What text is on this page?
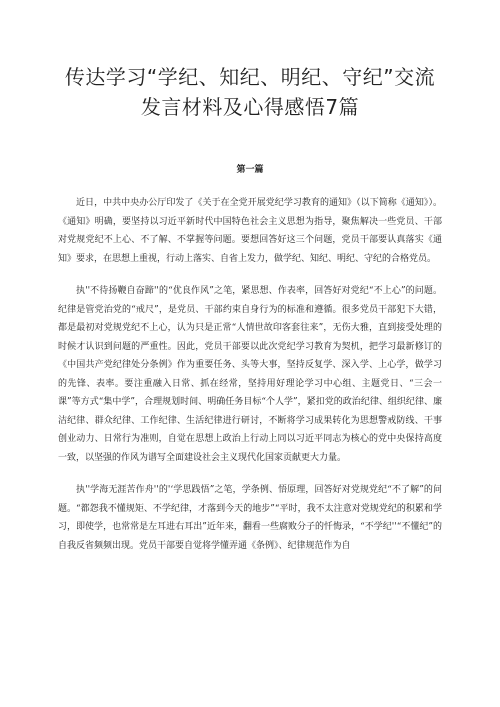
传达学习“学纪、知纪、明纪、守纪”交流发言材料及心得感悟7篇
第一篇

近日，中共中央办公厅印发了《关于在全党开展党纪学习教育的通知》（以下简称《通知》）。《通知》明确，要坚持以习近平新时代中国特色社会主义思想为指导，聚焦解决一些党员、干部对党规党纪不上心、不了解、不掌握等问题。要想回答好这三个问题，党员干部要认真落实《通知》要求，在思想上重视，行动上落实、自省上发力，做学纪、知纪、明纪、守纪的合格党员。

执''不待扬鞭自奋蹄''的“优良作风”之笔，紧思想、作表率，回答好对党纪“不上心”的问题。纪律是管党治党的“戒尺”，是党员、干部约束自身行为的标准和遵循。很多党员干部犯下大错，都是最初对党规党纪不上心，认为只是正常“人情世故印客套往来”，无伤大雅，直到接受处理的时候才认识到问题的严重性。因此，党员干部要以此次党纪学习教育为契机，把学习最新修订的《中国共产党纪律处分条例》作为重要任务、头等大事，坚持反复学、深入学、上心学，做学习的先锋、表率。要注重融入日常、抓在经常，坚持用好理论学习中心组、主题党日、“三会一课”等方式“集中学”，合理规划时间、明确任务目标“个人学”，紧扣党的政治纪律、组织纪律、廉洁纪律、群众纪律、工作纪律、生活纪律进行研讨，不断将学习成果转化为思想警戒防线、干事创业动力、日常行为准则，自觉在思想上政治上行动上同以习近平同志为核心的党中央保持高度一致，以坚强的作风为谱写全面建设社会主义现代化国家贡献更大力量。

执''学海无涯苦作舟''的'‘学思践悟”之笔，学条例、悟原理，回答好对党规党纪“不了解”的问题。“都怨我不懂规矩、不学纪律，才落到今天的地步”“平时，我不太注意对党规党纪的积累和学习，即使学，也常常是左耳进右耳出”近年来，翻看一些腐败分子的忏悔录，“不学纪''“不懂纪”的自我反省频频出现。党员干部要自觉将学懂弄通《条例》、纪律规范作为自
